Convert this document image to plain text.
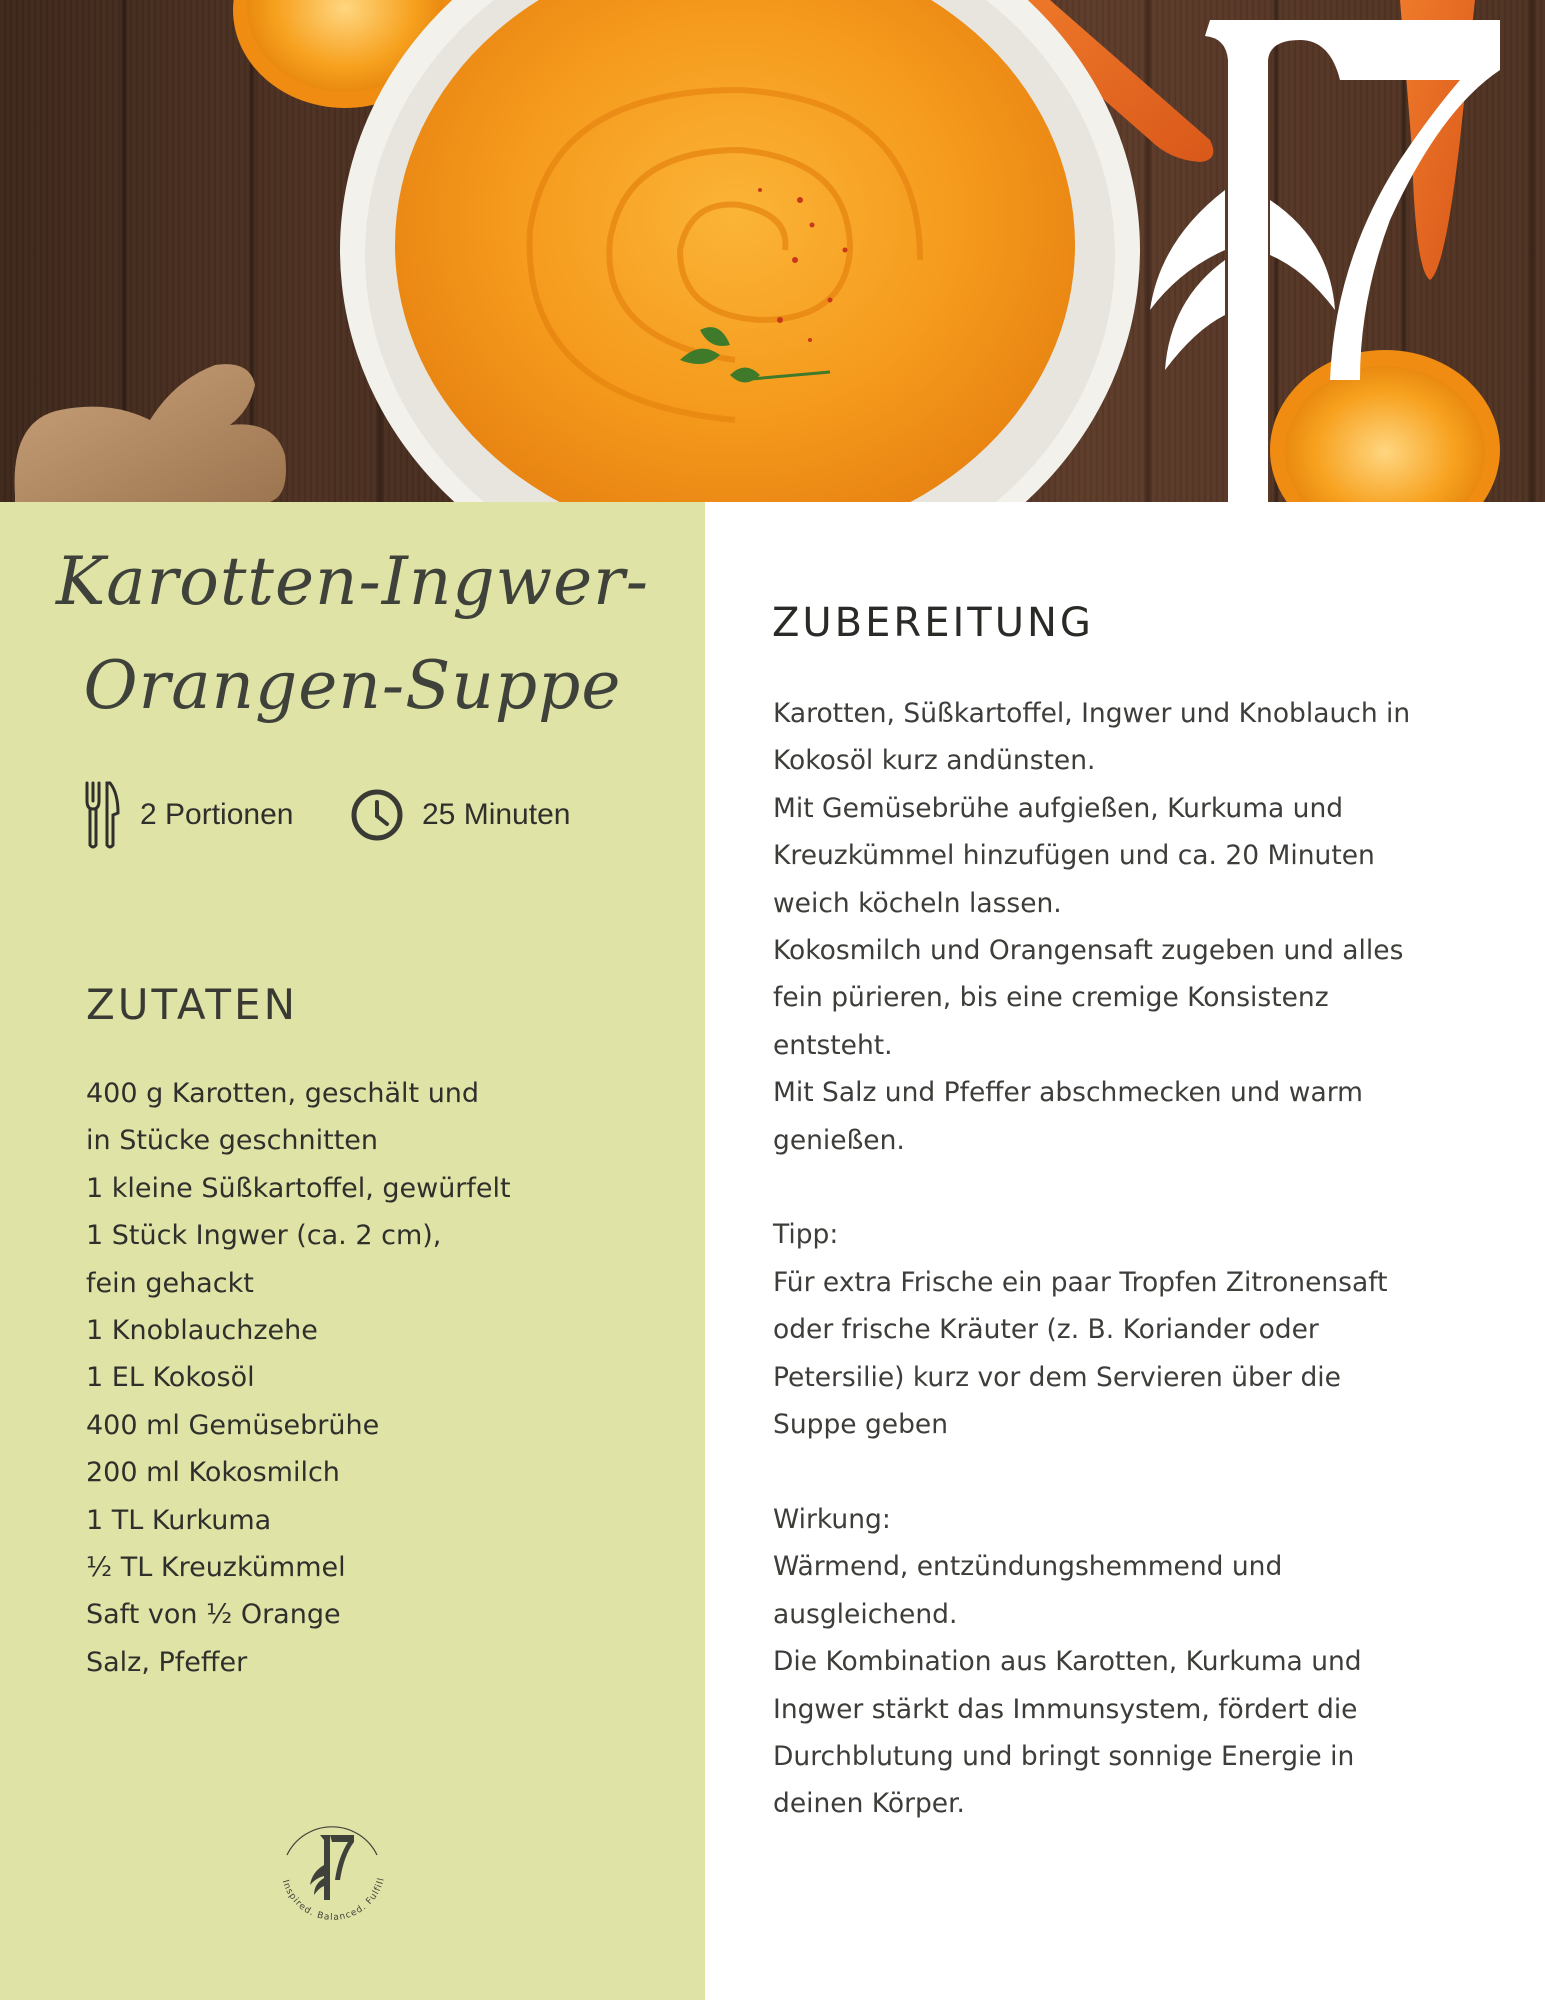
Karotten-Ingwer-
Orangen-Suppe
2 Portionen	25 Minuten
ZUTATEN
400 g Karotten, geschält und
in Stücke geschnitten
1 kleine Süßkartoffel, gewürfelt
1 Stück Ingwer (ca. 2 cm),
fein gehackt
1 Knoblauchzehe
1 EL Kokosöl
400 ml Gemüsebrühe
200 ml Kokosmilch
1 TL Kurkuma
½ TL Kreuzkümmel
Saft von ½ Orange
Salz, Pfeffer
Inspired. Balanced. Fulfill
ZUBEREITUNG

Karotten, Süßkartoffel, Ingwer und Knoblauch in

Kokosöl kurz andünsten.

Mit Gemüsebrühe aufgießen, Kurkuma und

Kreuzkümmel hinzufügen und ca. 20 Minuten

weich köcheln lassen.

Kokosmilch und Orangensaft zugeben und alles

fein pürieren, bis eine cremige Konsistenz

entsteht.

Mit Salz und Pfeffer abschmecken und warm

genießen.

Tipp:

Für extra Frische ein paar Tropfen Zitronensaft

oder frische Kräuter (z. B. Koriander oder

Petersilie) kurz vor dem Servieren über die

Suppe geben

Wirkung:

Wärmend, entzündungshemmend und

ausgleichend.

Die Kombination aus Karotten, Kurkuma und

Ingwer stärkt das Immunsystem, fördert die

Durchblutung und bringt sonnige Energie in

deinen Körper.
